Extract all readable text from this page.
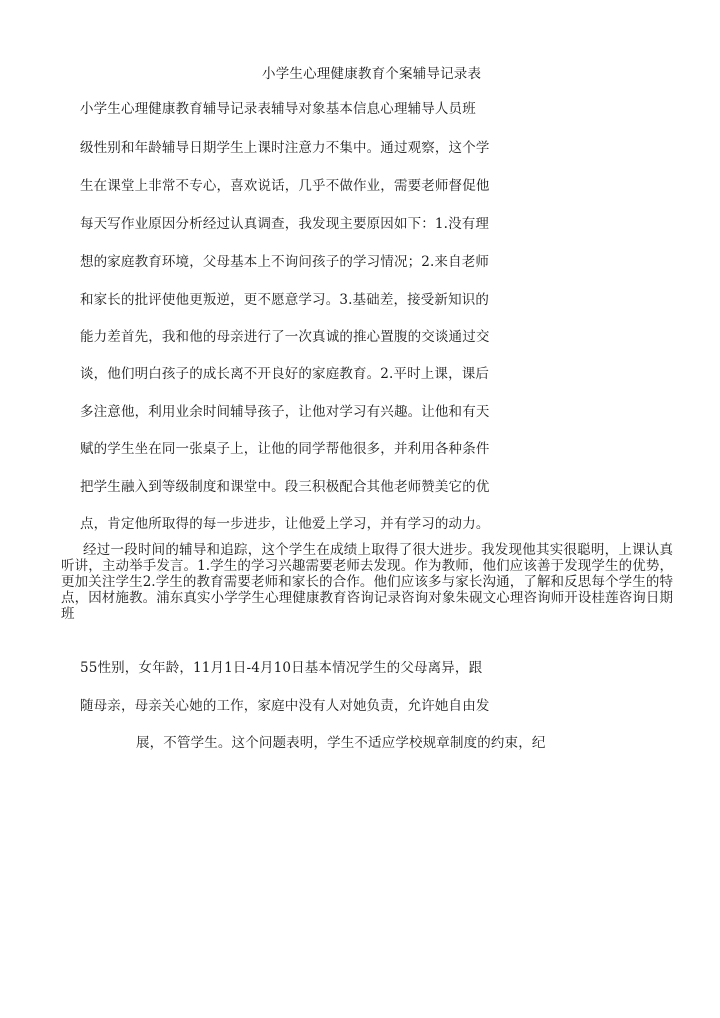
小学生心理健康教育个案辅导记录表
小学生心理健康教育辅导记录表辅导对象基本信息心理辅导人员班
级性别和年龄辅导日期学生上课时注意力不集中。通过观察，这个学
生在课堂上非常不专心，喜欢说话，几乎不做作业，需要老师督促他
每天写作业原因分析经过认真调查，我发现主要原因如下：1.没有理
想的家庭教育环境，父母基本上不询问孩子的学习情况；2.来自老师
和家长的批评使他更叛逆，更不愿意学习。3.基础差，接受新知识的
能力差首先，我和他的母亲进行了一次真诚的推心置腹的交谈通过交
谈，他们明白孩子的成长离不开良好的家庭教育。2.平时上课，课后
多注意他，利用业余时间辅导孩子，让他对学习有兴趣。让他和有天
赋的学生坐在同一张桌子上，让他的同学帮他很多，并利用各种条件
把学生融入到等级制度和课堂中。段三积极配合其他老师赞美它的优
点，肯定他所取得的每一步进步，让他爱上学习，并有学习的动力。

经过一段时间的辅导和追踪，这个学生在成绩上取得了很大进步。我发现他其实很聪明，上课认真听讲，主动举手发言。1.学生的学习兴趣需要老师去发现。作为教师，他们应该善于发现学生的优势，更加关注学生2.学生的教育需要老师和家长的合作。他们应该多与家长沟通，了解和反思每个学生的特点，因材施教。浦东真实小学学生心理健康教育咨询记录咨询对象朱砚文心理咨询师开设桂莲咨询日期班

55性别，女年龄，11月1日-4月10日基本情况学生的父母离异，跟
随母亲，母亲关心她的工作，家庭中没有人对她负责，允许她自由发
展，不管学生。这个问题表明，学生不适应学校规章制度的约束，纪
